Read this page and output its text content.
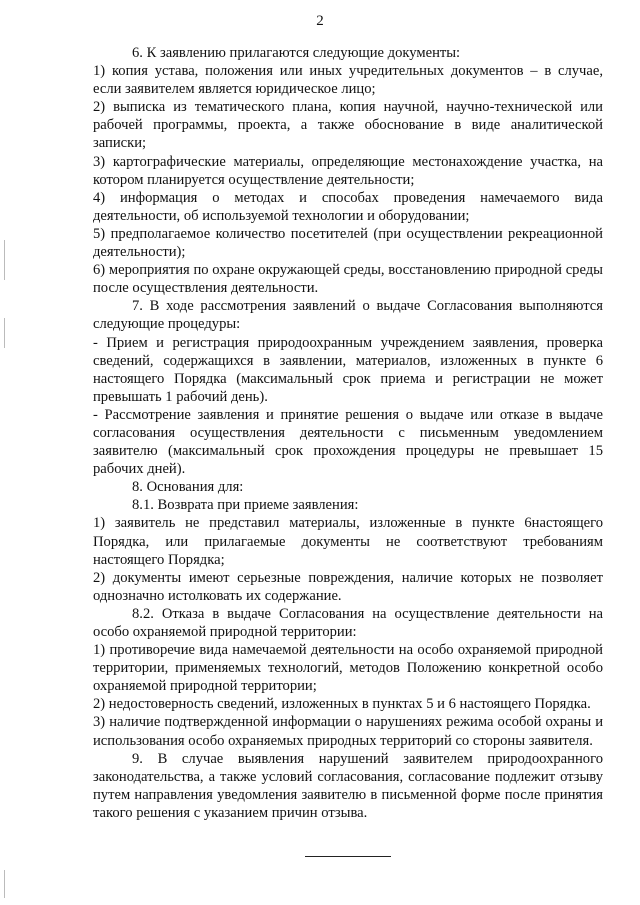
2

6. К заявлению прилагаются следующие документы:

1) копия устава, положения или иных учредительных документов – в случае, если заявителем является юридическое лицо;

2) выписка из тематического плана, копия научной, научно-технической или рабочей программы, проекта, а также обоснование в виде аналитической записки;

3) картографические материалы, определяющие местонахождение участка, на котором планируется осуществление деятельности;

4) информация о методах и способах проведения намечаемого вида деятельности, об используемой технологии и оборудовании;

5) предполагаемое количество посетителей (при осуществлении рекреационной деятельности);

6) мероприятия по охране окружающей среды, восстановлению природной среды после осуществления деятельности.

7. В ходе рассмотрения заявлений о выдаче Согласования выполняются следующие процедуры:

- Прием и регистрация природоохранным учреждением заявления, проверка сведений, содержащихся в заявлении, материалов, изложенных в пункте 6 настоящего Порядка (максимальный срок приема и регистрации не может превышать 1 рабочий день).

- Рассмотрение заявления и принятие решения о выдаче или отказе в выдаче согласования осуществления деятельности с письменным уведомлением заявителю (максимальный срок прохождения процедуры не превышает 15 рабочих дней).

8. Основания для:

8.1. Возврата при приеме заявления:

1) заявитель не представил материалы, изложенные в пункте 6настоящего Порядка, или прилагаемые документы не соответствуют требованиям настоящего Порядка;

2) документы имеют серьезные повреждения, наличие которых не позволяет однозначно истолковать их содержание.

8.2. Отказа в выдаче Согласования на осуществление деятельности на особо охраняемой природной территории:

1) противоречие вида намечаемой деятельности на особо охраняемой природной территории, применяемых технологий, методов Положению конкретной особо охраняемой природной территории;

2) недостоверность сведений, изложенных в пунктах 5 и 6 настоящего Порядка.

3) наличие подтвержденной информации о нарушениях режима особой охраны и использования особо охраняемых природных территорий со стороны заявителя.

9. В случае выявления нарушений заявителем природоохранного законодательства, а также условий согласования, согласование подлежит отзыву путем направления уведомления заявителю в письменной форме после принятия такого решения с указанием причин отзыва.
